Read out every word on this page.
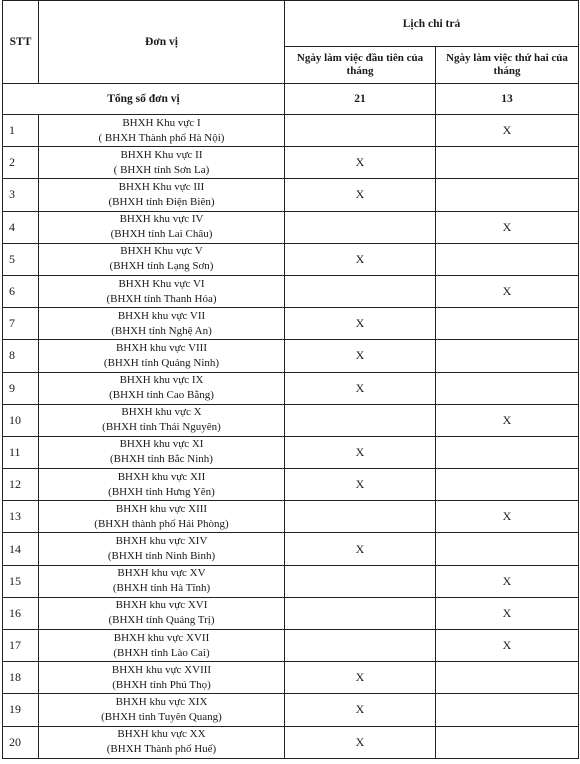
STT	Đơn vị	Lịch chi trả	
		Ngày làm việc đầu tiên của tháng	Ngày làm việc thứ hai của tháng
Tổng số đơn vị		21	13
1	BHXH Khu vực I
( BHXH Thành phố Hà Nội)		X
2	BHXH Khu vực II
( BHXH tỉnh Sơn La)	X	
3	BHXH Khu vực III
(BHXH tỉnh Điện Biên)	X	
4	BHXH khu vực IV
(BHXH tỉnh Lai Châu)		X
5	BHXH Khu vực V
(BHXH tỉnh Lạng Sơn)	X	
6	BHXH Khu vực VI
(BHXH tỉnh Thanh Hóa)		X
7	BHXH khu vực VII
(BHXH tỉnh Nghệ An)	X	
8	BHXH khu vực VIII
(BHXH tỉnh Quảng Ninh)	X	
9	BHXH khu vực IX
(BHXH tỉnh Cao Bằng)	X	
10	BHXH khu vực X
(BHXH tỉnh Thái Nguyên)		X
11	BHXH khu vực XI
(BHXH tỉnh Bắc Ninh)	X	
12	BHXH khu vực XII
(BHXH tỉnh Hưng Yên)	X	
13	BHXH khu vực XIII
(BHXH thành phố Hải Phòng)		X
14	BHXH khu vực XIV
(BHXH tỉnh Ninh Bình)	X	
15	BHXH khu vực XV
(BHXH tỉnh Hà Tĩnh)		X
16	BHXH khu vực XVI
(BHXH tỉnh Quảng Trị)		X
17	BHXH khu vực XVII
(BHXH tỉnh Lào Cai)		X
18	BHXH khu vực XVIII
(BHXH tỉnh Phú Thọ)	X	
19	BHXH khu vực XIX
(BHXH tỉnh Tuyên Quang)	X	
20	BHXH khu vực XX
(BHXH Thành phố Huế)	X	
